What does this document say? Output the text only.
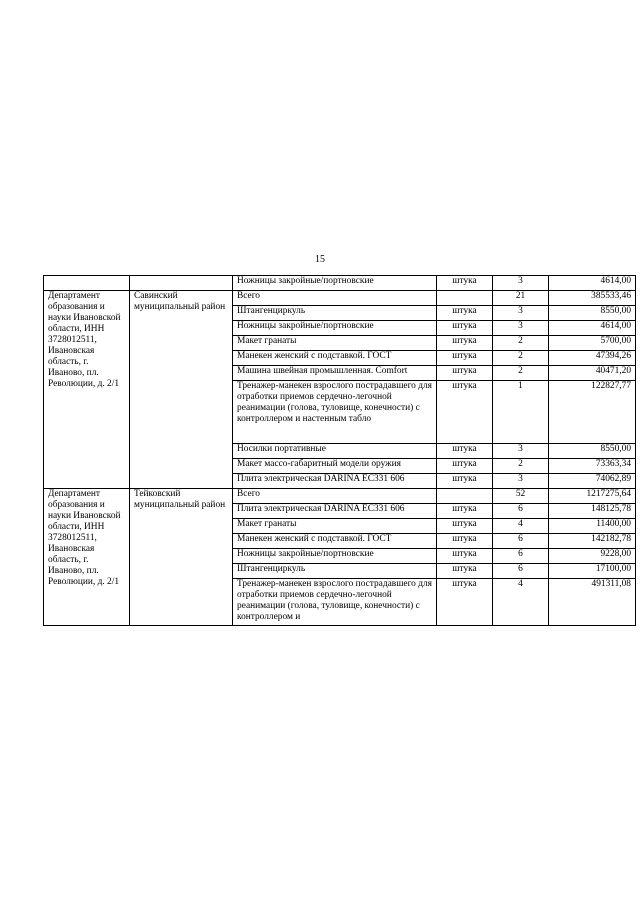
15
		Ножницы закройные/портновские	штука	3	4614,00
Департамент образования и науки Ивановской области, ИНН 3728012511, Ивановская область, г. Иваново, пл. Революции, д. 2/1	Савинский муниципальный район	Всего		21	385533,46
		Штангенциркуль	штука	3	8550,00
		Ножницы закройные/портновские	штука	3	4614,00
		Макет гранаты	штука	2	5700,00
		Манекен женский с подставкой. ГОСТ	штука	2	47394,26
		Машина швейная промышленная. Comfort	штука	2	40471,20
		Тренажер-манекен взрослого пострадавшего для отработки приемов сердечно-легочной реанимации (голова, туловище, конечности) с контроллером и настенным табло	штука	1	122827,77
		Носилки портативные	штука	3	8550,00
		Макет массо-габаритный модели оружия	штука	2	73363,34
		Плита электрическая DARINA ЕС331 606	штука	3	74062,89
Департамент образования и науки Ивановской области, ИНН 3728012511, Ивановская область, г. Иваново, пл. Революции, д. 2/1	Тейковский муниципальный район	Всего		52	1217275,64
		Плита электрическая DARINA ЕС331 606	штука	6	148125,78
		Макет гранаты	штука	4	11400,00
		Манекен женский с подставкой. ГОСТ	штука	6	142182,78
		Ножницы закройные/портновские	штука	6	9228,00
		Штангенциркуль	штука	6	17100,00
		Тренажер-манекен взрослого пострадавшего для отработки приемов сердечно-легочной реанимации (голова, туловище, конечности) с контроллером и	штука	4	491311,08
